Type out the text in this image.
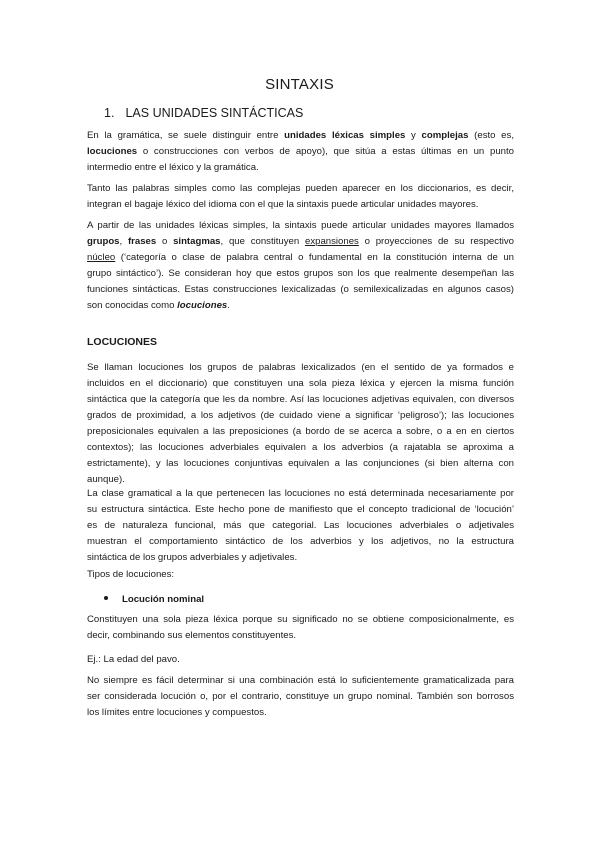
SINTAXIS
1. LAS UNIDADES SINTÁCTICAS
En la gramática, se suele distinguir entre unidades léxicas simples y complejas (esto es,
locuciones o construcciones con verbos de apoyo), que sitúa a estas últimas en un punto
intermedio entre el léxico y la gramática.
Tanto las palabras simples como las complejas pueden aparecer en los diccionarios, es decir,
integran el bagaje léxico del idioma con el que la sintaxis puede articular unidades mayores.
A partir de las unidades léxicas simples, la sintaxis puede articular unidades mayores llamados
grupos, frases o sintagmas, que constituyen expansiones o proyecciones de su respectivo
núcleo (‘categoría o clase de palabra central o fundamental en la constitución interna de un
grupo sintáctico’). Se consideran hoy que estos grupos son los que realmente desempeñan las
funciones sintácticas. Estas construcciones lexicalizadas (o semilexicalizadas en algunos casos)
son conocidas como locuciones.
LOCUCIONES
Se llaman locuciones los grupos de palabras lexicalizados (en el sentido de ya formados e
incluidos en el diccionario) que constituyen una sola pieza léxica y ejercen la misma función
sintáctica que la categoría que les da nombre. Así las locuciones adjetivas equivalen, con diversos
grados de proximidad, a los adjetivos (de cuidado viene a significar ‘peligroso’); las locuciones
preposicionales equivalen a las preposiciones (a bordo de se acerca a sobre, o a en en ciertos
contextos); las locuciones adverbiales equivalen a los adverbios (a rajatabla se aproxima a
estrictamente), y las locuciones conjuntivas equivalen a las conjunciones (si bien alterna con
aunque).
La clase gramatical a la que pertenecen las locuciones no está determinada necesariamente por
su estructura sintáctica. Este hecho pone de manifiesto que el concepto tradicional de ‘locución’
es de naturaleza funcional, más que categorial. Las locuciones adverbiales o adjetivales
muestran el comportamiento sintáctico de los adverbios y los adjetivos, no la estructura
sintáctica de los grupos adverbiales y adjetivales.
Tipos de locuciones:
Locución nominal
Constituyen una sola pieza léxica porque su significado no se obtiene composicionalmente, es
decir, combinando sus elementos constituyentes.
Ej.: La edad del pavo.
No siempre es fácil determinar si una combinación está lo suficientemente gramaticalizada para
ser considerada locución o, por el contrario, constituye un grupo nominal. También son borrosos
los límites entre locuciones y compuestos.
